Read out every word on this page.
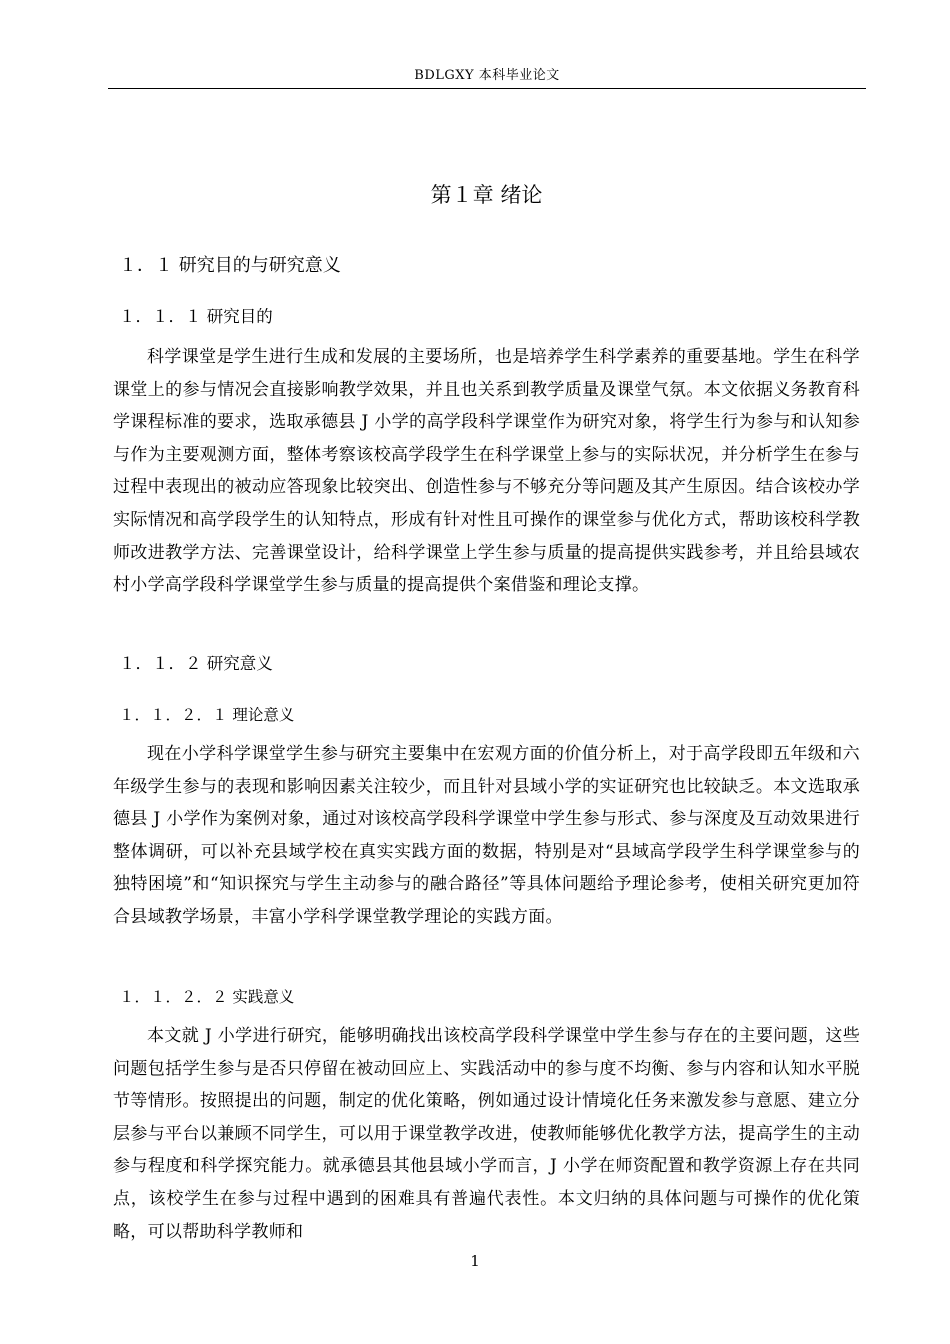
BDLGXY 本科毕业论文
第１章 绪论
１．１ 研究目的与研究意义
１．１．１ 研究目的

科学课堂是学生进行生成和发展的主要场所，也是培养学生科学素养的重要基地。学生在科学课堂上的参与情况会直接影响教学效果，并且也关系到教学质量及课堂气氛。本文依据义务教育科学课程标准的要求，选取承德县 J 小学的高学段科学课堂作为研究对象，将学生行为参与和认知参与作为主要观测方面，整体考察该校高学段学生在科学课堂上参与的实际状况，并分析学生在参与过程中表现出的被动应答现象比较突出、创造性参与不够充分等问题及其产生原因。结合该校办学实际情况和高学段学生的认知特点，形成有针对性且可操作的课堂参与优化方式，帮助该校科学教师改进教学方法、完善课堂设计，给科学课堂上学生参与质量的提高提供实践参考，并且给县域农村小学高学段科学课堂学生参与质量的提高提供个案借鉴和理论支撑。

１．１．２ 研究意义
１．１．２．１ 理论意义

现在小学科学课堂学生参与研究主要集中在宏观方面的价值分析上，对于高学段即五年级和六年级学生参与的表现和影响因素关注较少，而且针对县域小学的实证研究也比较缺乏。本文选取承德县 J 小学作为案例对象，通过对该校高学段科学课堂中学生参与形式、参与深度及互动效果进行整体调研，可以补充县域学校在真实实践方面的数据，特别是对“县域高学段学生科学课堂参与的独特困境”和“知识探究与学生主动参与的融合路径”等具体问题给予理论参考，使相关研究更加符合县域教学场景，丰富小学科学课堂教学理论的实践方面。

１．１．２．２ 实践意义

本文就 J 小学进行研究，能够明确找出该校高学段科学课堂中学生参与存在的主要问题，这些问题包括学生参与是否只停留在被动回应上、实践活动中的参与度不均衡、参与内容和认知水平脱节等情形。按照提出的问题，制定的优化策略，例如通过设计情境化任务来激发参与意愿、建立分层参与平台以兼顾不同学生，可以用于课堂教学改进，使教师能够优化教学方法，提高学生的主动参与程度和科学探究能力。就承德县其他县域小学而言，J 小学在师资配置和教学资源上存在共同点，该校学生在参与过程中遇到的困难具有普遍代表性。本文归纳的具体问题与可操作的优化策略，可以帮助科学教师和

1
